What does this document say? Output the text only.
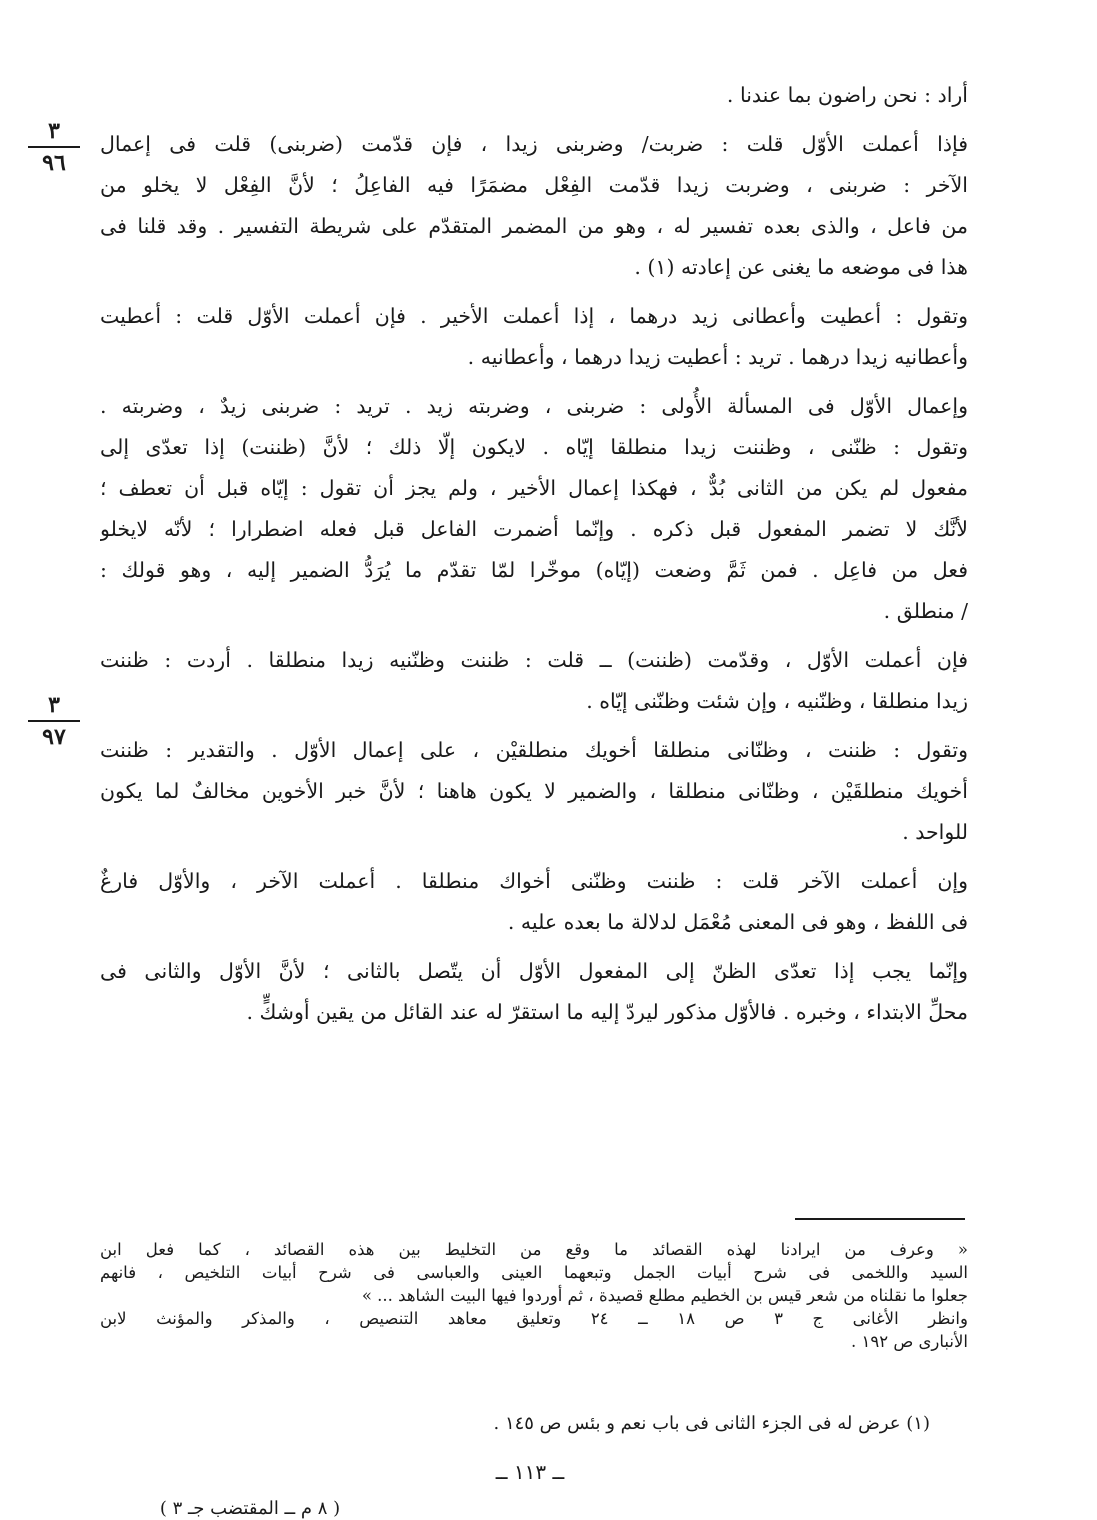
أراد : نحن راضون بما عندنا .

فإذا أعملت الأوّل قلت : ضربت/ وضربنى زيدا ، فإن قدّمت (ضربنى) قلت فى إعمال
الآخر : ضربنى ، وضربت زيدا قدّمت الفِعْل مضمَرًا فيه الفاعِلُ ؛ لأنَّ الفِعْل لا يخلو من
من فاعل ، والذى بعده تفسير له ، وهو من المضمر المتقدّم على شريطة التفسير . وقد قلنا فى
هذا فى موضعه ما يغنى عن إعادته (١) .

وتقول : أعطيت وأعطانى زيد درهما ، إذا أعملت الأخير . فإن أعملت الأوّل قلت : أعطيت
وأعطانيه زيدا درهما . تريد : أعطيت زيدا درهما ، وأعطانيه .

وإعمال الأوّل فى المسألة الأُولى : ضربنى ، وضربته زيد . تريد : ضربنى زيدٌ ، وضربته .
وتقول : ظنّنى ، وظننت زيدا منطلقا إيّاه . لايكون إلّا ذلك ؛ لأنَّ (ظننت) إذا تعدّى إلى
مفعول لم يكن من الثانى بُدٌّ ، فهكذا إعمال الأخير ، ولم يجز أن تقول : إيّاه قبل أن تعطف ؛
لأنَّك لا تضمر المفعول قبل ذكره . وإنّما أضمرت الفاعل قبل فعله اضطرارا ؛ لأنّه لايخلو
فعل من فاعِل . فمن ثَمَّ وضعت (إيّاه) موخّرا لمّا تقدّم ما يُرَدُّ الضمير إليه ، وهو قولك :
/ منطلق .

فإن أعملت الأوّل ، وقدّمت (ظننت) ــ قلت : ظننت وظنّنيه زيدا منطلقا . أردت : ظننت
زيدا منطلقا ، وظنّنيه ، وإن شئت وظنّنى إيّاه .

وتقول : ظننت ، وظنّانى منطلقا أخويك منطلقيْن ، على إعمال الأوّل . والتقدير : ظننت
أخويك منطلقَيْن ، وظنّانى منطلقا ، والضمير لا يكون هاهنا ؛ لأنَّ خبر الأخوين مخالفٌ لما يكون
للواحد .

وإن أعملت الآخر قلت : ظننت وظنّنى أخواك منطلقا . أعملت الآخر ، والأوّل فارغٌ
فى اللفظ ، وهو فى المعنى مُعْمَل لدلالة ما بعده عليه .

وإنّما يجب إذا تعدّى الظنّ إلى المفعول الأوّل أن يتّصل بالثانى ؛ لأنَّ الأوّل والثانى فى
محلِّ الابتداء ، وخبره . فالأوّل مذكور ليردّ إليه ما استقرّ له عند القائل من يقين أوشكٍّ .

٣
٩٦
٣
٩٧
« وعرف من ايرادنا لهذه القصائد ما وقع من التخليط بين هذه القصائد ، كما فعل ابن
السيد واللخمى فى شرح أبيات الجمل وتبعهما العينى والعباسى فى شرح أبيات التلخيص ، فانهم
جعلوا ما نقلناه من شعر قيس بن الخطيم مطلع قصيدة ، ثم أوردوا فيها البيت الشاهد ... »
وانظر الأغانى ج ٣ ص ١٨ ــ ٢٤ وتعليق معاهد التنصيص ، والمذكر والمؤنث لابن
الأنبارى ص ١٩٢ .
(١) عرض له فى الجزء الثانى فى باب نعم و بئس ص ١٤٥ .
ــ ١١٣ ــ
( ٨ م ــ المقتضب جـ ٣ )
